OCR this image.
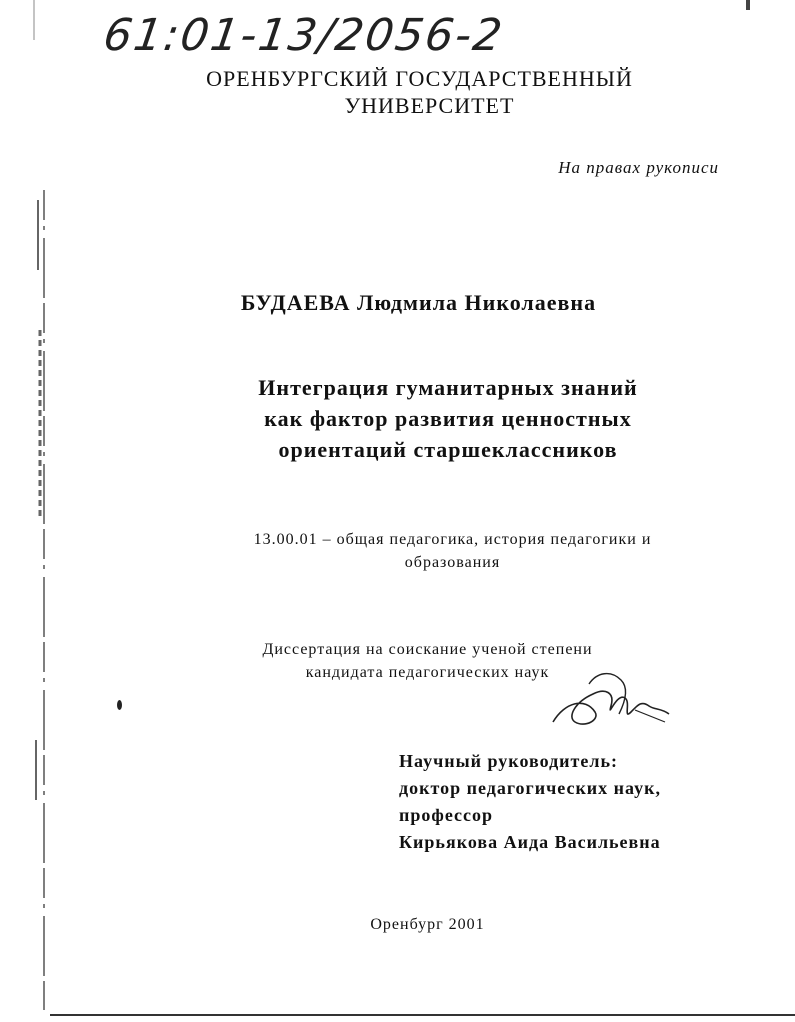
61:01-13/2056-2
ОРЕНБУРГСКИЙ ГОСУДАРСТВЕННЫЙ
УНИВЕРСИТЕТ
На правах рукописи
БУДАЕВА Людмила Николаевна
Интеграция гуманитарных знаний
как фактор развития ценностных
ориентаций старшеклассников
13.00.01 – общая педагогика, история педагогики и
образования
Диссертация на соискание ученой степени
кандидата педагогических наук
Научный руководитель:
доктор педагогических наук,
профессор
Кирьякова Аида Васильевна
Оренбург 2001
